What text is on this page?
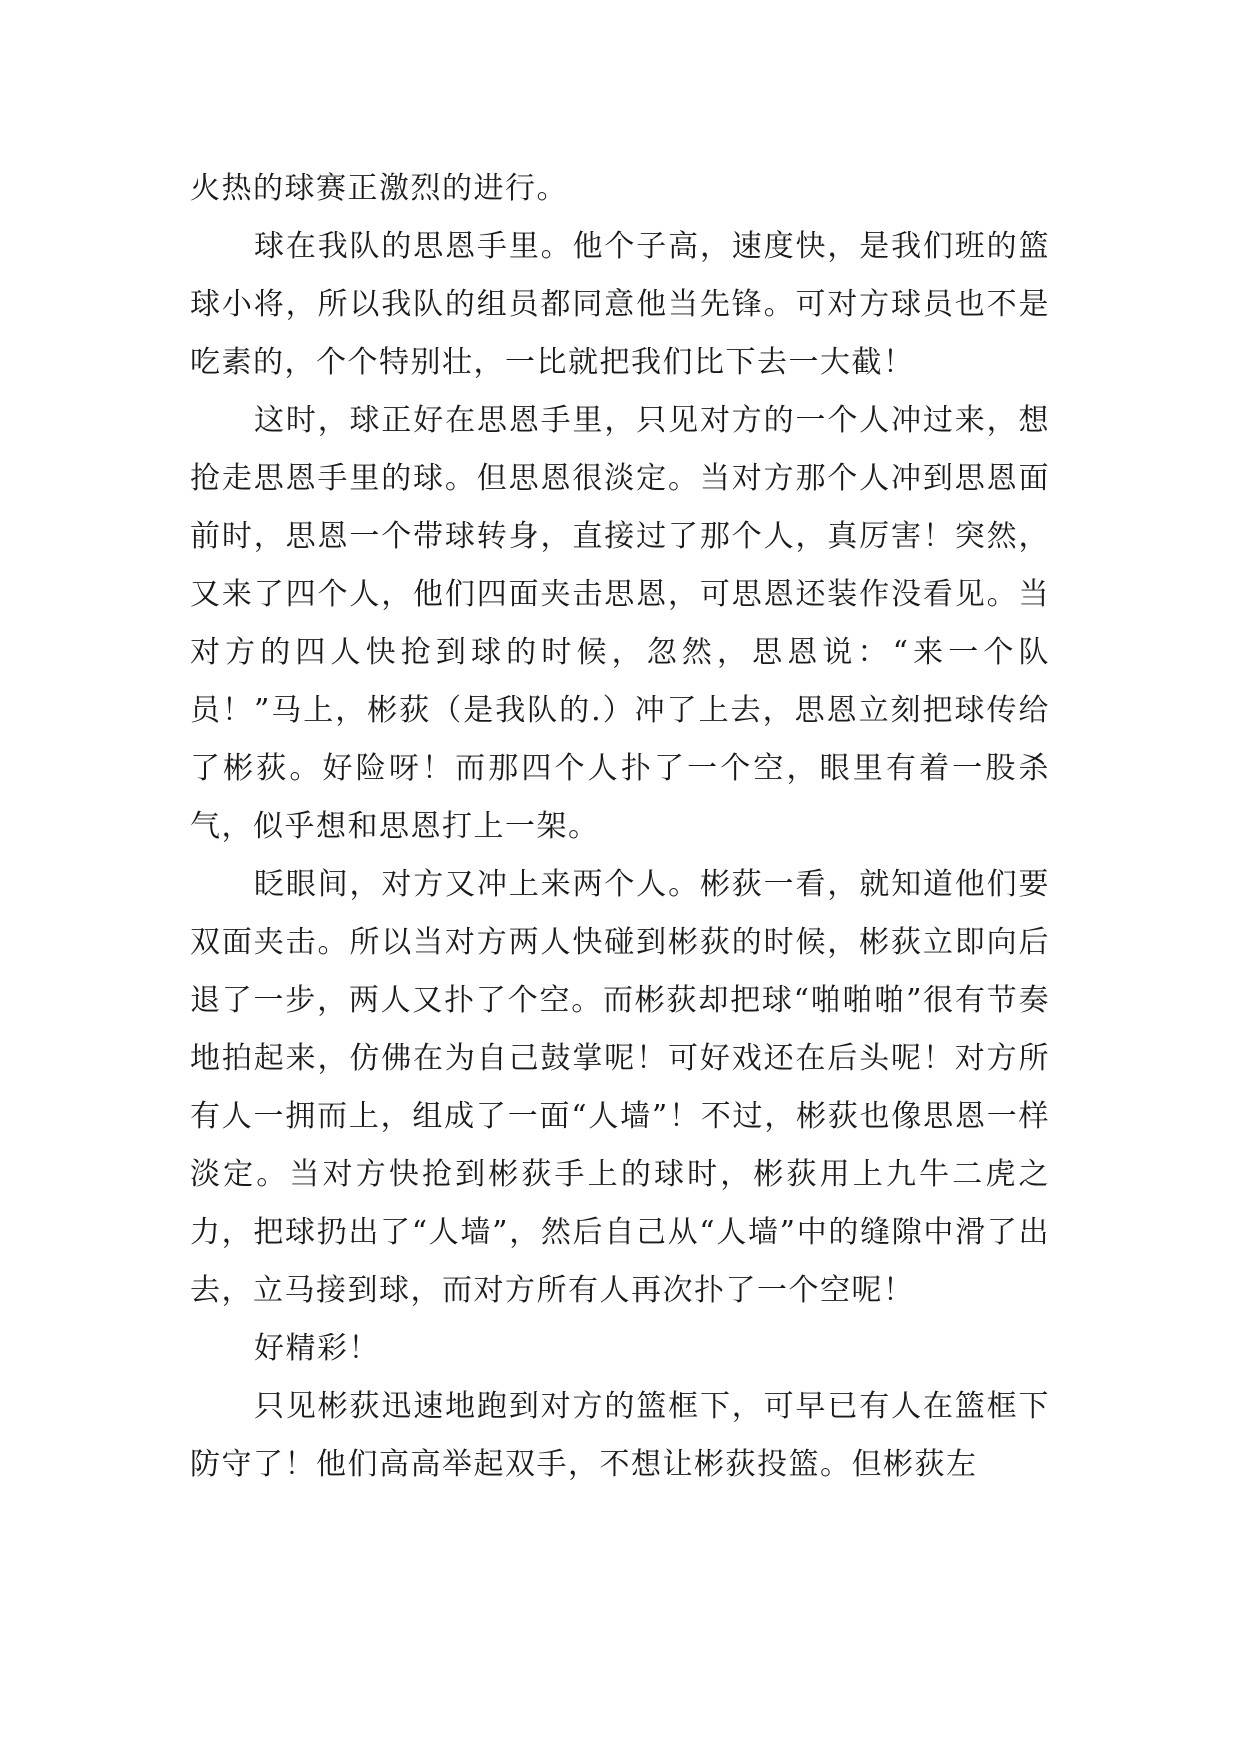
火热的球赛正激烈的进行。

球在我队的思恩手里。他个子高，速度快，是我们班的篮球小将，所以我队的组员都同意他当先锋。可对方球员也不是吃素的，个个特别壮，一比就把我们比下去一大截！

这时，球正好在思恩手里，只见对方的一个人冲过来，想抢走思恩手里的球。但思恩很淡定。当对方那个人冲到思恩面前时，思恩一个带球转身，直接过了那个人，真厉害！突然，又来了四个人，他们四面夹击思恩，可思恩还装作没看见。当对方的四人快抢到球的时候，忽然，思恩说：“来一个队员！”马上，彬荻（是我队的.）冲了上去，思恩立刻把球传给了彬荻。好险呀！而那四个人扑了一个空，眼里有着一股杀气，似乎想和思恩打上一架。

眨眼间，对方又冲上来两个人。彬荻一看，就知道他们要双面夹击。所以当对方两人快碰到彬荻的时候，彬荻立即向后退了一步，两人又扑了个空。而彬荻却把球“啪啪啪”很有节奏地拍起来，仿佛在为自己鼓掌呢！可好戏还在后头呢！对方所有人一拥而上，组成了一面“人墙”！不过，彬荻也像思恩一样淡定。当对方快抢到彬荻手上的球时，彬荻用上九牛二虎之力，把球扔出了“人墙”，然后自己从“人墙”中的缝隙中滑了出去，立马接到球，而对方所有人再次扑了一个空呢！

好精彩！

只见彬荻迅速地跑到对方的篮框下，可早已有人在篮框下防守了！他们高高举起双手，不想让彬荻投篮。但彬荻左
